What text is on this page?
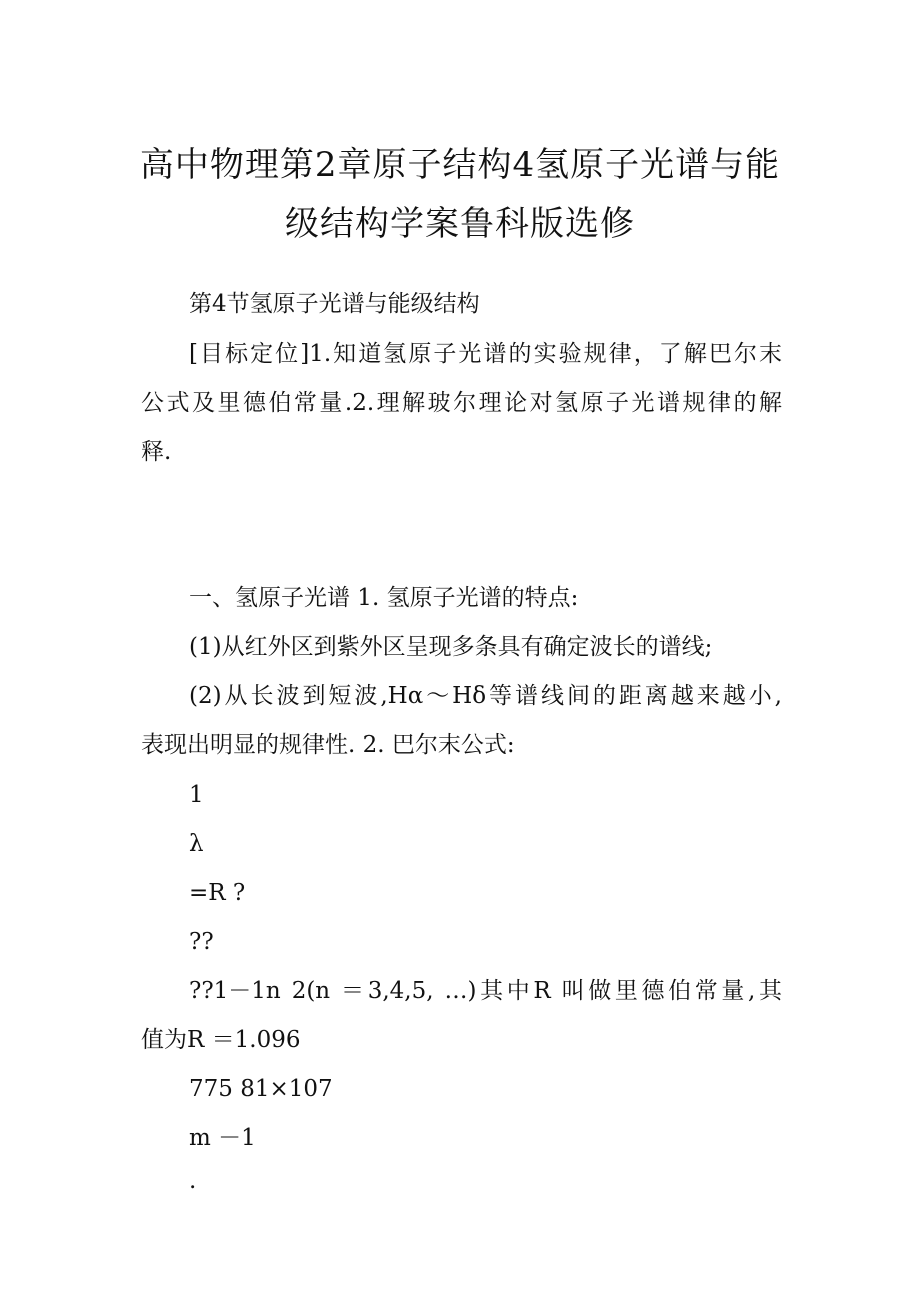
高中物理第2章原子结构4氢原子光谱与能
级结构学案鲁科版选修
第4节氢原子光谱与能级结构
[目标定位]1.知道氢原子光谱的实验规律，了解巴尔末
公式及里德伯常量.2.理解玻尔理论对氢原子光谱规律的解
释.
一、氢原子光谱 1. 氢原子光谱的特点:
(1)从红外区到紫外区呈现多条具有确定波长的谱线;
(2)从长波到短波,Hα～Hδ等谱线间的距离越来越小,
表现出明显的规律性. 2. 巴尔末公式:
1
λ
=R ?
??
??1－1n 2(n ＝3,4,5, …)其中R 叫做里德伯常量,其
值为R ＝1.096
775 81×107
m －1
.
